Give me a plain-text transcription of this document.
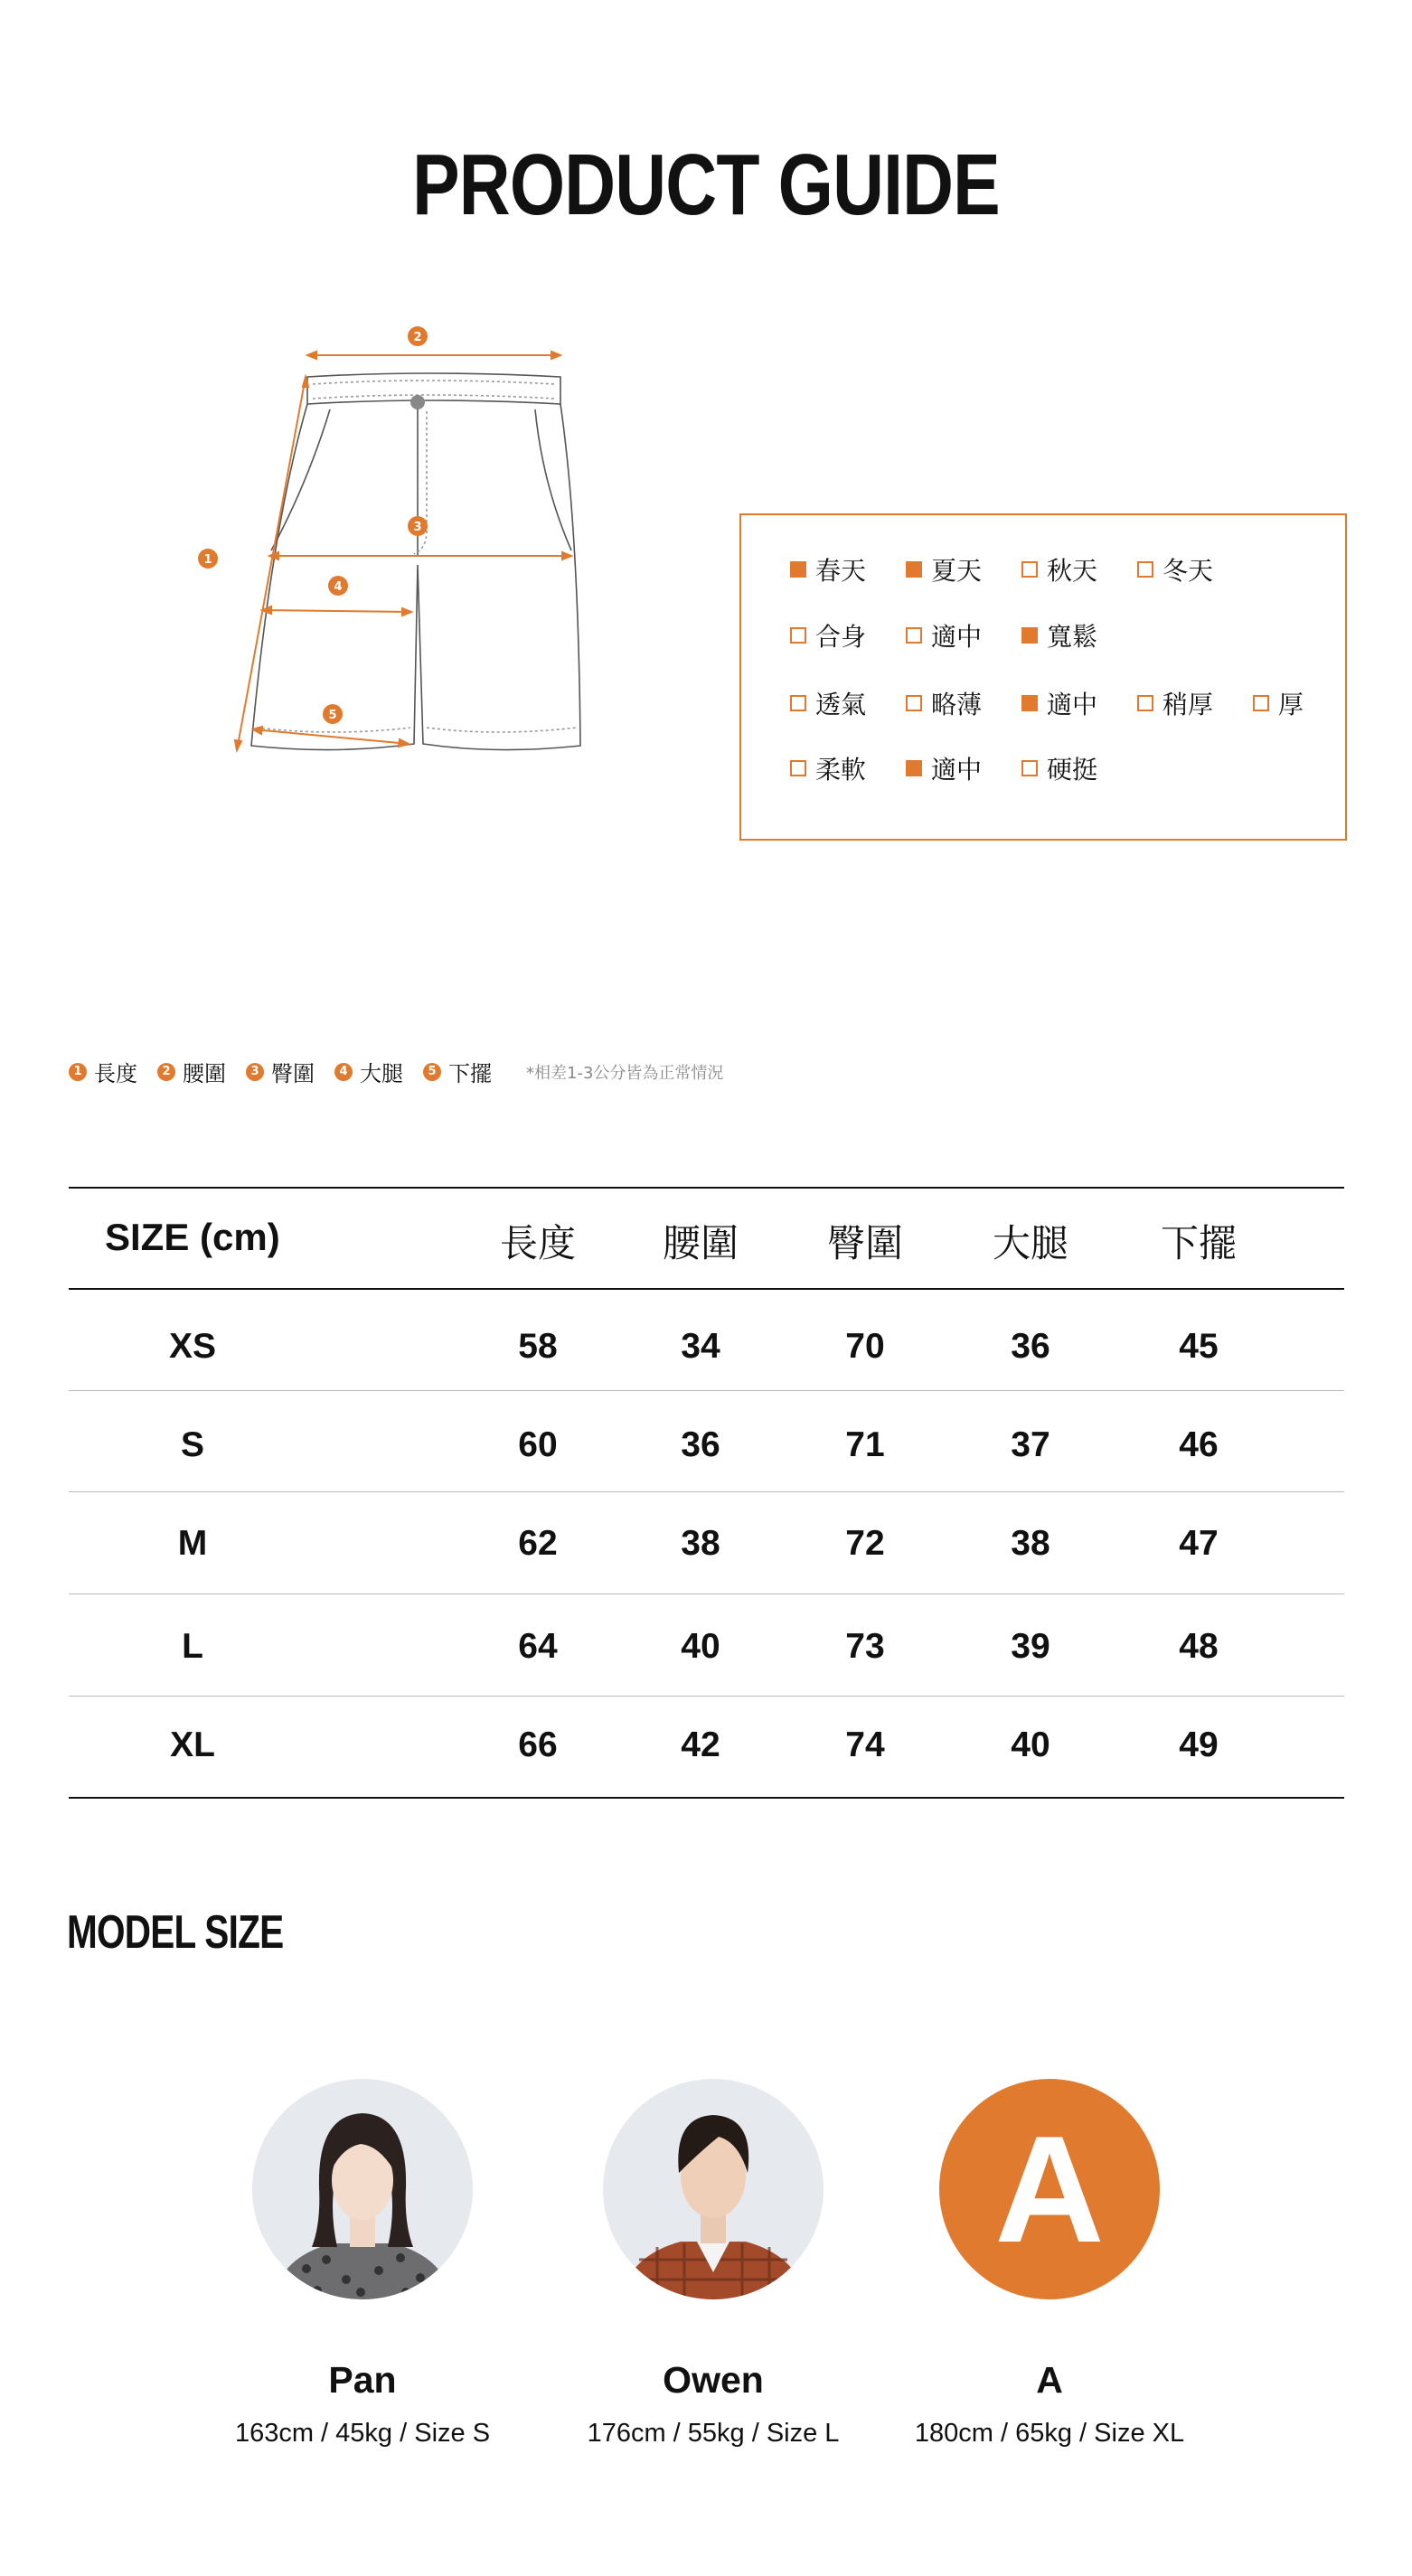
PRODUCT GUIDE
2
1
3
4
5
春天	夏天	秋天	冬天
合身	適中	寬鬆
透氣	略薄	適中	稍厚	厚
柔軟	適中	硬挺
1 長度	2 腰圍	3 臀圍	4 大腿	5 下擺 *相差1-3公分皆為正常情況
SIZE (cm)	長度	腰圍	臀圍	大腿	下擺
XS	58	34	70	36	45
S	60	36	71	37	46
M	62	38	72	38	47
L	64	40	73	39	48
XL	66	42	74	40	49
MODEL SIZE
Pan
163cm / 45kg / Size S
Owen
176cm / 55kg / Size L
A
A
180cm / 65kg / Size XL
